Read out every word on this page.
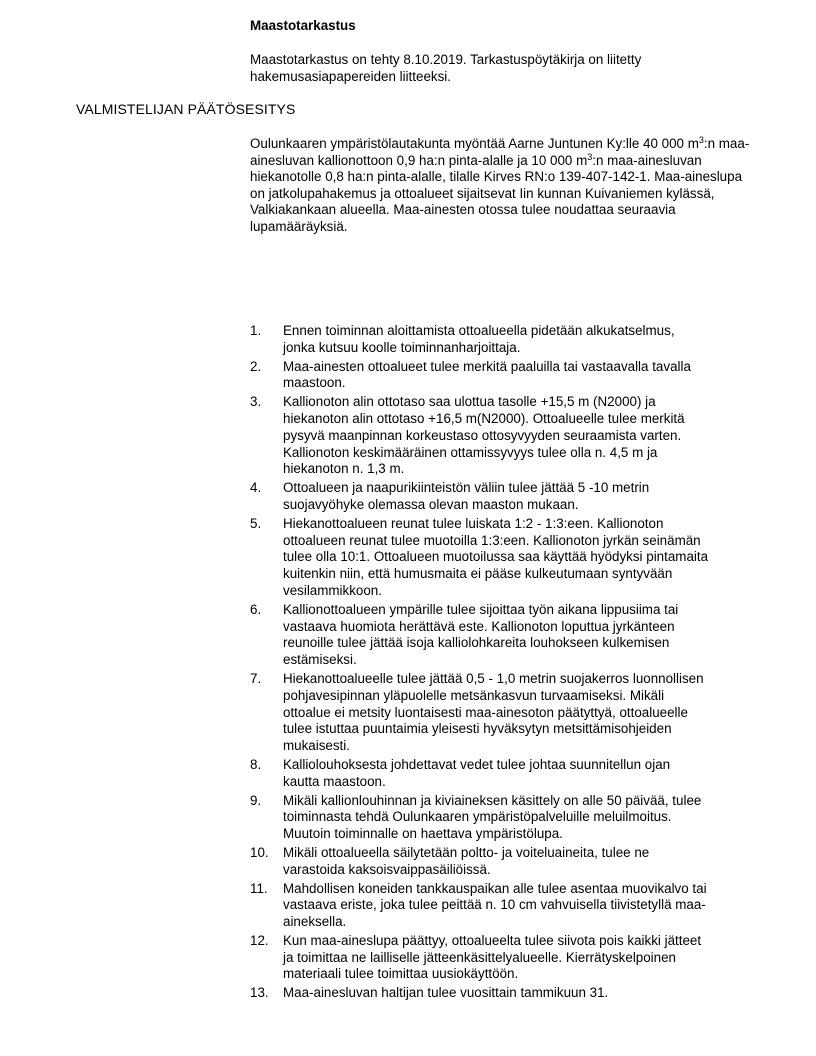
Maastotarkastus
Maastotarkastus on tehty 8.10.2019. Tarkastuspöytäkirja on liitetty hakemusasiapapereiden liitteeksi.
VALMISTELIJAN PÄÄTÖSESITYS

Oulunkaaren ympäristölautakunta myöntää Aarne Juntunen Ky:lle 40 000 $m^3:n$ maa-ainesluvan kallionottoon 0,9 ha:n pinta-alalle ja 10 000 $m^3:n$ maa-ainesluvan hiekanotolle 0,8 ha:n pinta-alalle, tilalle Kirves RN:o 139-407-142-1. Maa-aineslupa on jatkolupahakemus ja ottoalueet sijaitsevat Iin kunnan Kuivaniemen kylässä, Valkiakankaan alueella. Maa-ainesten otossa tulee noudattaa seuraavia lupamääräyksiä.

1. Ennen toiminnan aloittamista ottoalueella pidetään alkukatselmus, jonka kutsuu koolle toiminnanharjoittaja.
2. Maa-ainesten ottoalueet tulee merkitä paaluilla tai vastaavalla tavalla maastoon.
3. Kallionoton alin ottotaso saa ulottua tasolle +15,5 m (N2000) ja hiekanoton alin ottotaso +16,5 m(N2000). Ottoalueelle tulee merkitä pysyvä maanpinnan korkeustaso ottosyvyyden seuraamista varten. Kallionoton keskimääräinen ottamissyvyys tulee olla n. 4,5 m ja hiekanoton n. 1,3 m.
4. Ottoalueen ja naapurikiinteistön väliin tulee jättää 5 -10 metrin suojavyöhyke olemassa olevan maaston mukaan.
5. Hiekanottoalueen reunat tulee luiskata 1:2 - 1:3:een. Kallionoton ottoalueen reunat tulee muotoilla 1:3:een. Kallionoton jyrkän seinämän tulee olla 10:1. Ottoalueen muotoilussa saa käyttää hyödyksi pintamaita kuitenkin niin, että humusmaita ei pääse kulkeutumaan syntyvään vesilammikkoon.
6. Kallionottoalueen ympärille tulee sijoittaa työn aikana lippusiima tai vastaava huomiota herättävä este. Kallionoton loputtua jyrkänteen reunoille tulee jättää isoja kalliolohkareita louhokseen kulkemisen estämiseksi.
7. Hiekanottoalueelle tulee jättää 0,5 - 1,0 metrin suojakerros luonnollisen pohjavesipinnan yläpuolelle metsänkasvun turvaamiseksi. Mikäli ottoalue ei metsity luontaisesti maa-ainesoton päätyttyä, ottoalueelle tulee istuttaa puuntaimia yleisesti hyväksytyn metsittämisohjeiden mukaisesti.
8. Kalliolouhoksesta johdettavat vedet tulee johtaa suunnitellun ojan kautta maastoon.
9. Mikäli kallionlouhinnan ja kiviaineksen käsittely on alle 50 päivää, tulee toiminnasta tehdä Oulunkaaren ympäristöpalveluille meluilmoitus. Muutoin toiminnalle on haettava ympäristölupa.
10. Mikäli ottoalueella säilytetään poltto- ja voiteluaineita, tulee ne varastoida kaksoisvaippasäiliöissä.
11. Mahdollisen koneiden tankkauspaikan alle tulee asentaa muovikalvo tai vastaava eriste, joka tulee peittää n. 10 cm vahvuisella tiivistetyllä maa-aineksella.
12. Kun maa-aineslupa päättyy, ottoalueelta tulee siivota pois kaikki jätteet ja toimittaa ne lailliselle jätteenkäsittelyalueelle. Kierrätyskelpoinen materiaali tulee toimittaa uusiokäyttöön.
13. Maa-ainesluvan haltijan tulee vuosittain tammikuun 31.
